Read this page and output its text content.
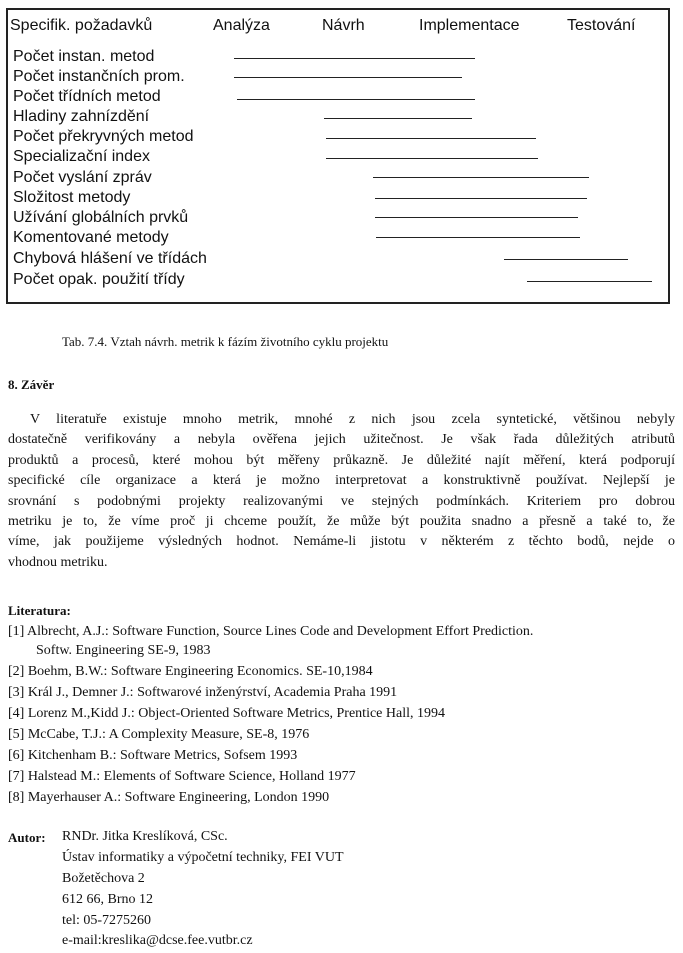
Specifik. požadavků	Analýza	Návrh	Implementace	Testování
Počet instan. metod
Počet instančních prom.
Počet třídních metod
Hladiny zahnízdění
Počet překryvných metod
Specializační index
Počet vyslání zpráv
Složitost metody
Užívání globálních prvků
Komentované metody
Chybová hlášení ve třídách
Počet opak. použití třídy
Tab. 7.4. Vztah návrh. metrik k fázím životního cyklu projektu
8. Závěr
V literatuře existuje mnoho metrik, mnohé z nich jsou zcela syntetické, většinou nebyly
dostatečně verifikovány a nebyla ověřena jejich užitečnost. Je však řada důležitých atributů
produktů a procesů, které mohou být měřeny průkazně. Je důležité najít měření, která podporují
specifické cíle organizace a která je možno interpretovat a konstruktivně používat. Nejlepší je
srovnání s podobnými projekty realizovanými ve stejných podmínkách. Kriteriem pro dobrou
metriku je to, že víme proč ji chceme použít, že může být použita snadno a přesně a také to, že
víme, jak použijeme výsledných hodnot. Nemáme-li jistotu v některém z těchto bodů, nejde o
vhodnou metriku.
Literatura:
[1] Albrecht, A.J.: Software Function, Source Lines Code and Development Effort Prediction.
Softw. Engineering SE-9, 1983
[2] Boehm, B.W.: Software Engineering Economics. SE-10,1984
[3] Král J., Demner J.: Softwarové inženýrství, Academia Praha 1991
[4] Lorenz M.,Kidd J.: Object-Oriented Software Metrics, Prentice Hall, 1994
[5] McCabe, T.J.: A Complexity Measure, SE-8, 1976
[6] Kitchenham B.: Software Metrics, Sofsem 1993
[7] Halstead M.: Elements of Software Science, Holland 1977
[8] Mayerhauser A.: Software Engineering, London 1990
Autor: RNDr. Jitka Kreslíková, CSc.
Ústav informatiky a výpočetní techniky, FEI VUT
Božetěchova 2
612 66, Brno 12
tel: 05-7275260
e-mail:kreslika@dcse.fee.vutbr.cz
